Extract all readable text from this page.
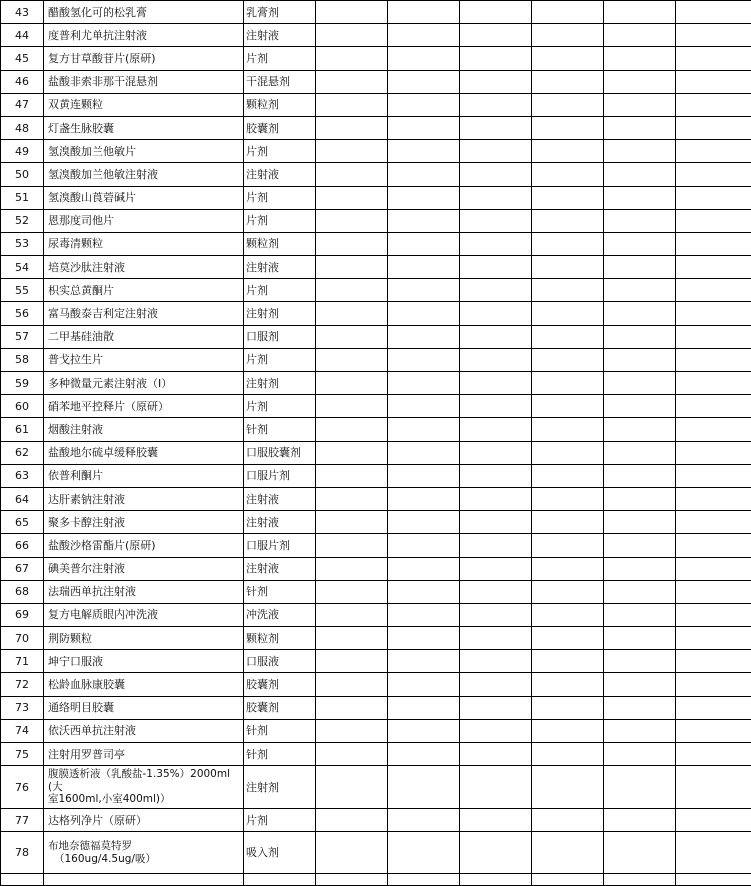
43	醋酸氢化可的松乳膏	乳膏剂						
44	度普利尤单抗注射液	注射液						
45	复方甘草酸苷片(原研)	片剂						
46	盐酸非索非那干混悬剂	干混悬剂						
47	双黄连颗粒	颗粒剂						
48	灯盏生脉胶囊	胶囊剂						
49	氢溴酸加兰他敏片	片剂						
50	氢溴酸加兰他敏注射液	注射液						
51	氢溴酸山莨菪碱片	片剂						
52	恩那度司他片	片剂						
53	尿毒清颗粒	颗粒剂						
54	培莫沙肽注射液	注射液						
55	枳实总黄酮片	片剂						
56	富马酸泰吉利定注射液	注射剂						
57	二甲基硅油散	口服剂						
58	普戈拉生片	片剂						
59	多种微量元素注射液（I）	注射剂						
60	硝苯地平控释片（原研）	片剂						
61	烟酸注射液	针剂						
62	盐酸地尔硫卓缓释胶囊	口服胶囊剂						
63	依普利酮片	口服片剂						
64	达肝素钠注射液	注射液						
65	聚多卡醇注射液	注射液						
66	盐酸沙格雷酯片(原研)	口服片剂						
67	碘美普尔注射液	注射液						
68	法瑞西单抗注射液	针剂						
69	复方电解质眼内冲洗液	冲洗液						
70	荆防颗粒	颗粒剂						
71	坤宁口服液	口服液						
72	松龄血脉康胶囊	胶囊剂						
73	通络明目胶囊	胶囊剂						
74	依沃西单抗注射液	针剂						
75	注射用罗普司亭	针剂						
76	腹膜透析液（乳酸盐-1.35%）2000ml(大
室1600ml,小室400ml)）	注射剂						
77	达格列净片（原研）	片剂						
78	布地奈德福莫特罗
（160ug/4.5ug/吸）	吸入剂						
